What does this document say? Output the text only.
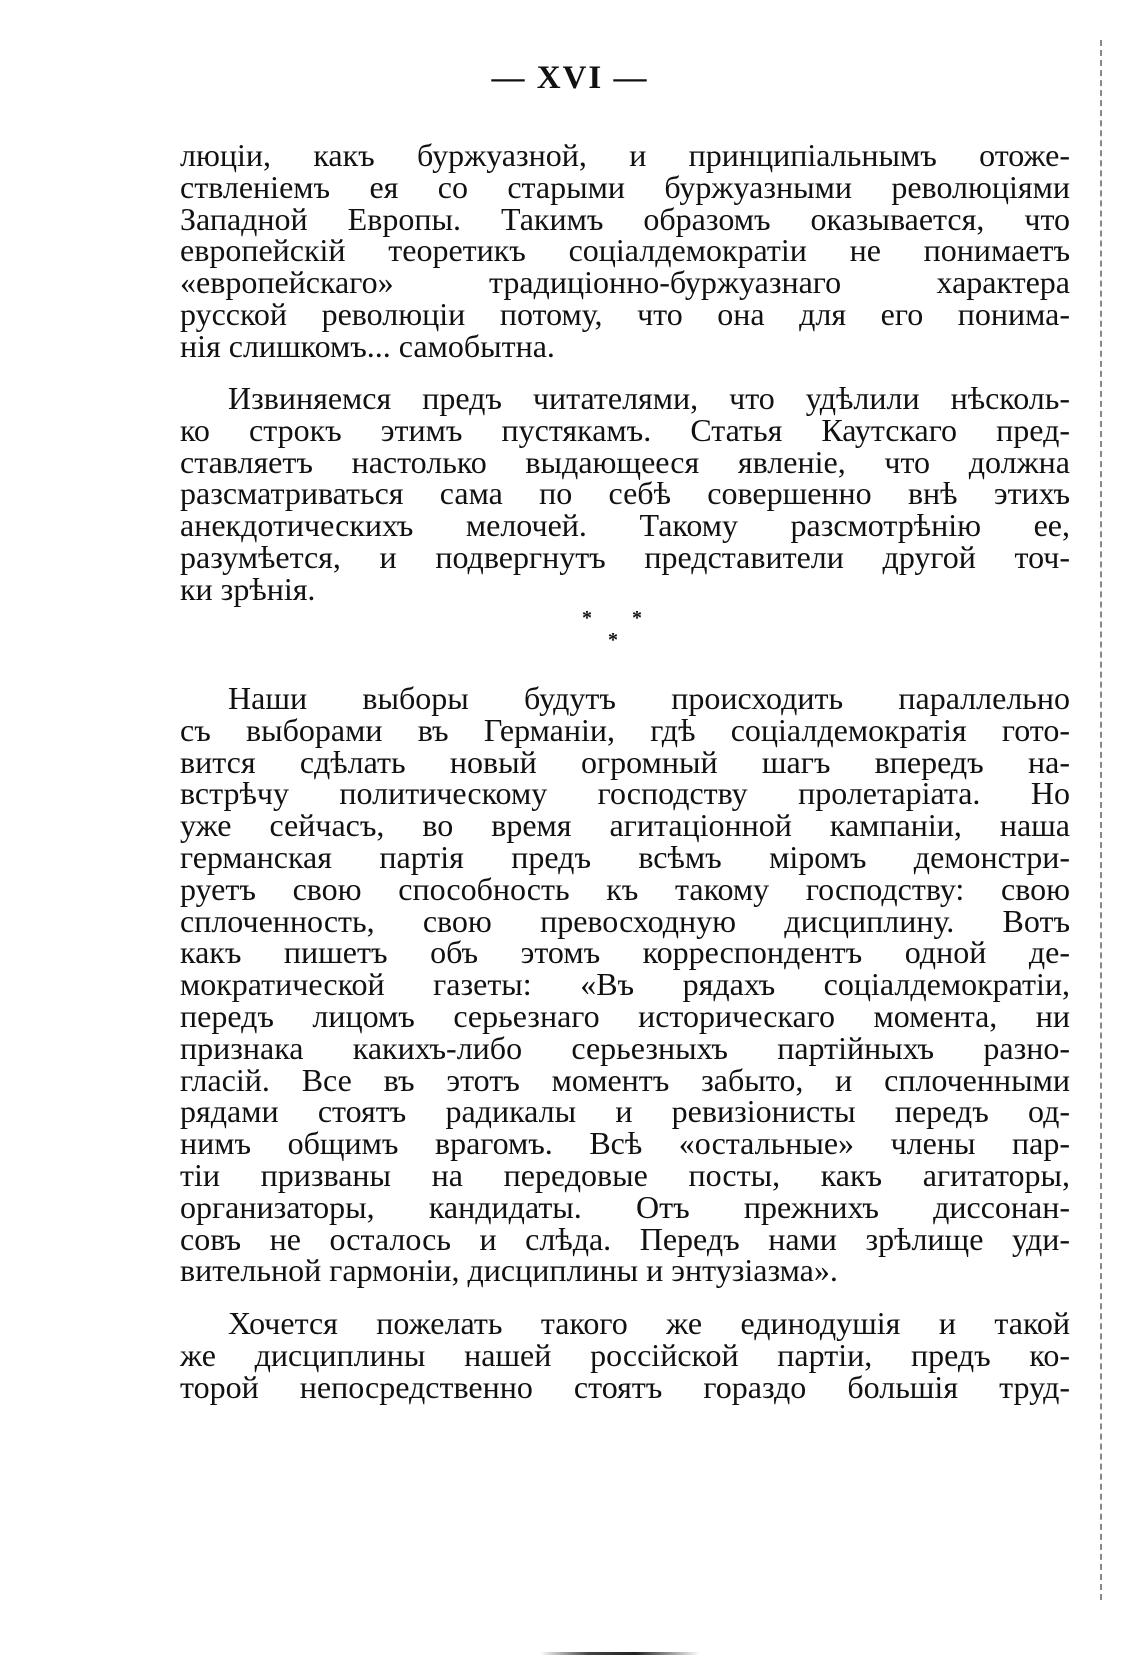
— XVI —
люціи, какъ буржуазной, и принципіальнымъ отоже-
ствленіемъ ея со старыми буржуазными революціями
Западной Европы. Такимъ образомъ оказывается, что
европейскій теоретикъ соціалдемократіи не понимаетъ
«европейскаго» традиціонно-буржуазнаго характера
русской революціи потому, что она для его понима-
нія слишкомъ... самобытна.
Извиняемся предъ читателями, что удѣлили нѣсколь-
ко строкъ этимъ пустякамъ. Статья Каутскаго пред-
ставляетъ настолько выдающееся явленіе, что должна
разсматриваться сама по себѣ совершенно внѣ этихъ
анекдотическихъ мелочей. Такому разсмотрѣнію ее,
разумѣется, и подвергнутъ представители другой точ-
ки зрѣнія.
* *
*
Наши выборы будутъ происходить параллельно
съ выборами въ Германіи, гдѣ соціалдемократія гото-
вится сдѣлать новый огромный шагъ впередъ на-
встрѣчу политическому господству пролетаріата. Но
уже сейчасъ, во время агитаціонной кампаніи, наша
германская партія предъ всѣмъ міромъ демонстри-
руетъ свою способность къ такому господству: свою
сплоченность, свою превосходную дисциплину. Вотъ
какъ пишетъ объ этомъ корреспондентъ одной де-
мократической газеты: «Въ рядахъ соціалдемократіи,
передъ лицомъ серьезнаго историческаго момента, ни
признака какихъ-либо серьезныхъ партійныхъ разно-
гласій. Все въ этотъ моментъ забыто, и сплоченными
рядами стоятъ радикалы и ревизіонисты передъ од-
нимъ общимъ врагомъ. Всѣ «остальные» члены пар-
тіи призваны на передовые посты, какъ агитаторы,
организаторы, кандидаты. Отъ прежнихъ диссонан-
совъ не осталось и слѣда. Передъ нами зрѣлище уди-
вительной гармоніи, дисциплины и энтузіазма».
Хочется пожелать такого же единодушія и такой
же дисциплины нашей россійской партіи, предъ ко-
торой непосредственно стоятъ гораздо большія труд-
